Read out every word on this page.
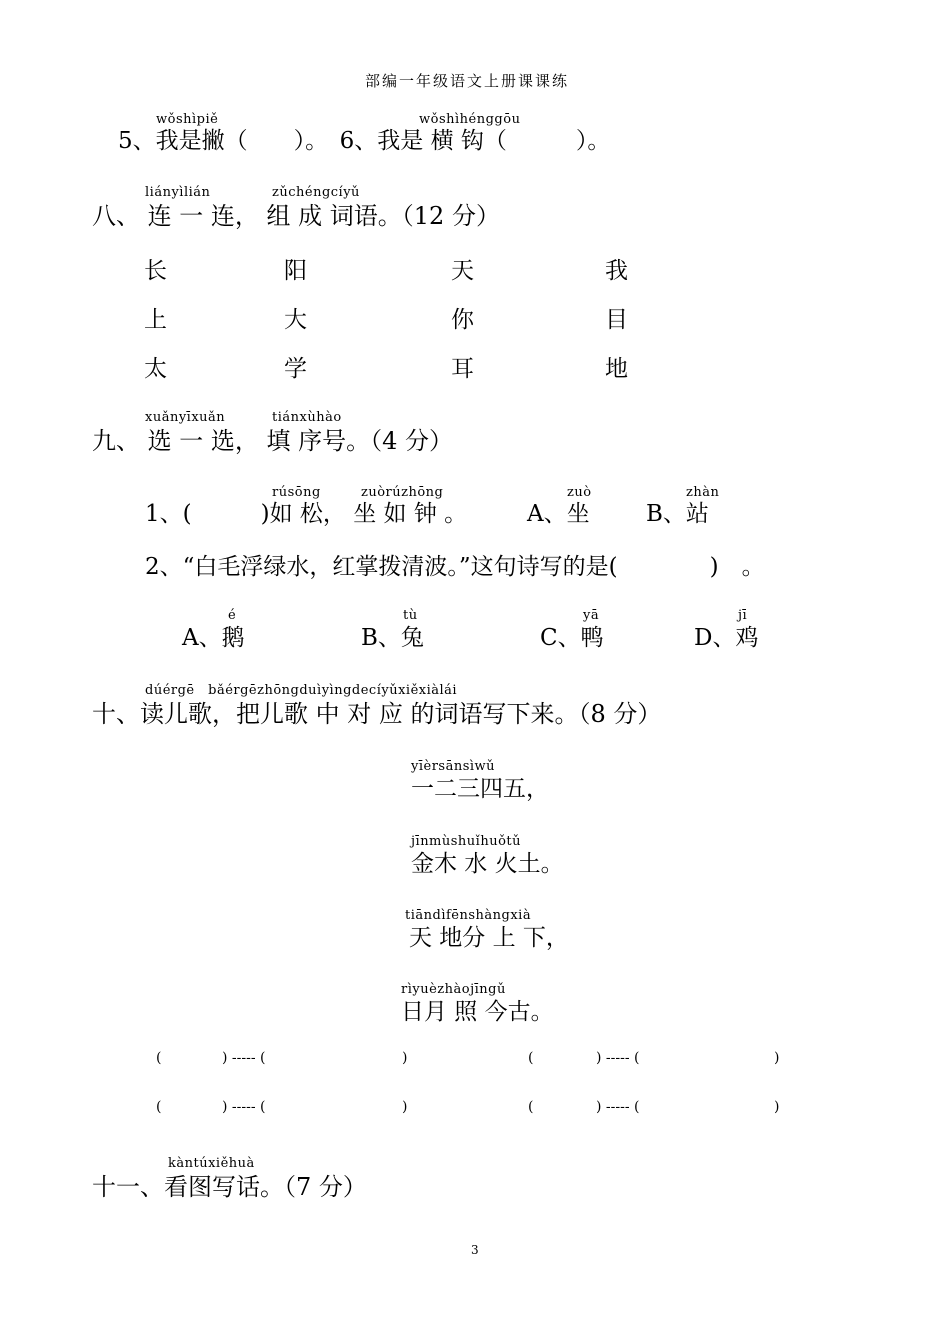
部编一年级语文上册课课练
wǒshìpiě	wǒshìhénggōu
5、我是撇（　　）。　6、我是 横 钩（　　　）。
liányìlián	zǔchéngcíyǔ
八、 连 一 连， 组 成 词语。（12 分）
长	阳	天	我
上	大	你	目
太	学	耳	地
xuǎnyīxuǎn	tiánxùhào
九、 选 一 选， 填 序号。（4 分）
rúsōng	zuòrúzhōng
1、(　　　)如 松， 坐 如 钟 。
zuò
A、坐
zhàn
B、站
2、“白毛浮绿水，红掌拨清波。”这句诗写的是(　　　　)　。
é
A、鹅
tù
B、兔
yā
C、鸭
jī
D、鸡
dúérgē　bǎérgēzhōngduìyìngdecíyǔxiěxiàlái
十、读儿歌，把儿歌 中 对 应 的词语写下来。（8 分）
yīèrsānsìwǔ
一二三四五，
jīnmùshuǐhuǒtǔ
金木 水 火土。
tiāndìfēnshàngxià
天 地分 上 下，
rìyuèzhàojīngǔ
日月 照 今古。
(	) ----- (	)	(	) ----- (	)
(	) ----- (	)	(	) ----- (	)
kàntúxiěhuà
十一、看图写话。（7 分）
3
